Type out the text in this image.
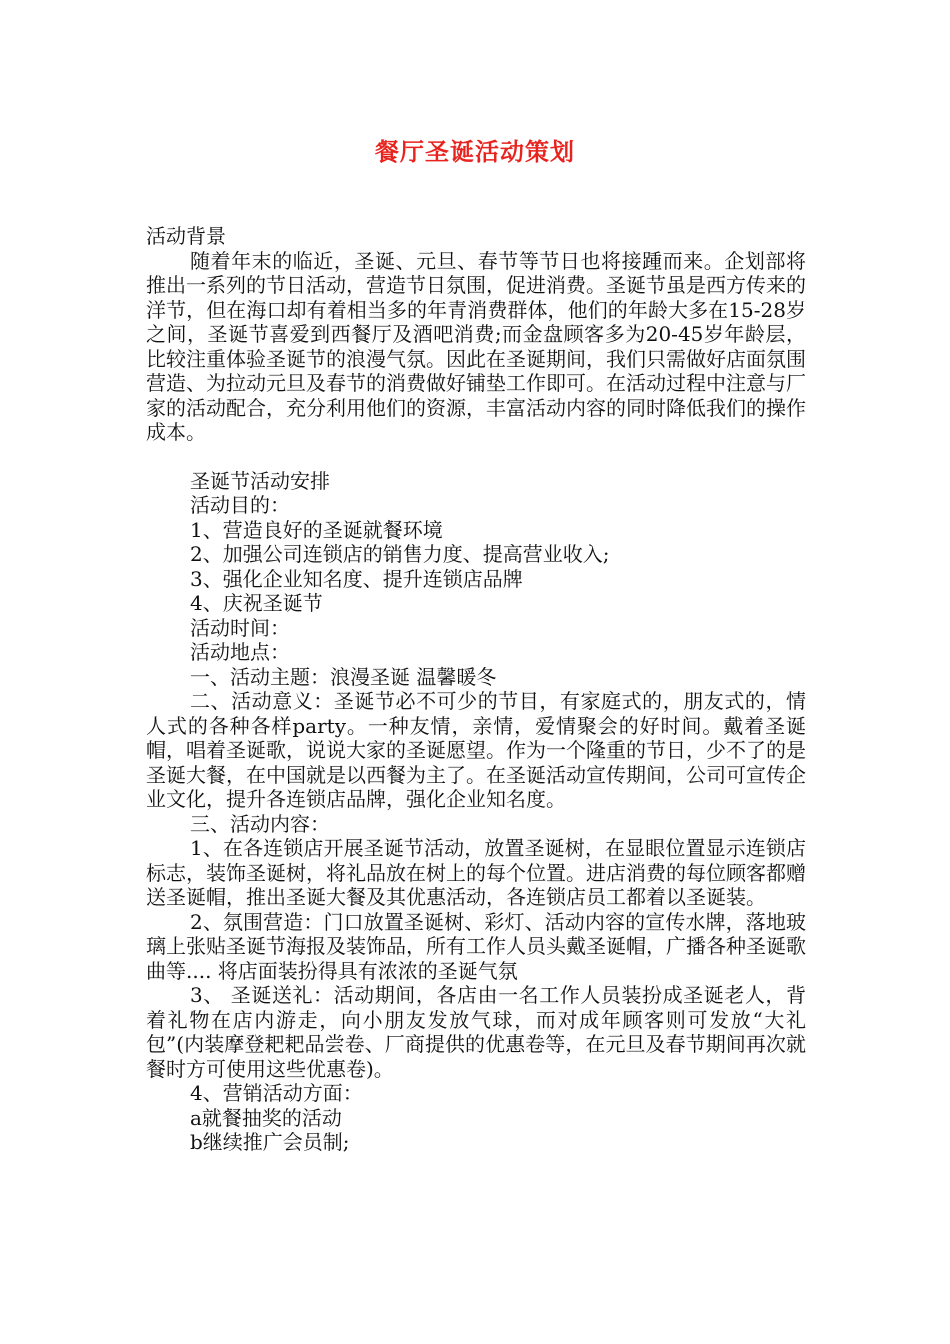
餐厅圣诞活动策划

活动背景

随着年末的临近，圣诞、元旦、春节等节日也将接踵而来。企划部将推出一系列的节日活动，营造节日氛围，促进消费。圣诞节虽是西方传来的洋节，但在海口却有着相当多的年青消费群体，他们的年龄大多在15-28岁之间，圣诞节喜爱到西餐厅及酒吧消费;而金盘顾客多为20-45岁年龄层，比较注重体验圣诞节的浪漫气氛。因此在圣诞期间，我们只需做好店面氛围营造、为拉动元旦及春节的消费做好铺垫工作即可。在活动过程中注意与厂家的活动配合，充分利用他们的资源，丰富活动内容的同时降低我们的操作成本。

圣诞节活动安排

活动目的：

1、营造良好的圣诞就餐环境

2、加强公司连锁店的销售力度、提高营业收入;

3、强化企业知名度、提升连锁店品牌

4、庆祝圣诞节

活动时间：

活动地点：

一、活动主题：浪漫圣诞 温馨暖冬

二、活动意义：圣诞节必不可少的节目，有家庭式的，朋友式的，情人式的各种各样party。一种友情，亲情，爱情聚会的好时间。戴着圣诞帽，唱着圣诞歌，说说大家的圣诞愿望。作为一个隆重的节日，少不了的是圣诞大餐，在中国就是以西餐为主了。在圣诞活动宣传期间，公司可宣传企业文化，提升各连锁店品牌，强化企业知名度。

三、活动内容：

1、在各连锁店开展圣诞节活动，放置圣诞树，在显眼位置显示连锁店标志，装饰圣诞树，将礼品放在树上的每个位置。进店消费的每位顾客都赠送圣诞帽，推出圣诞大餐及其优惠活动，各连锁店员工都着以圣诞装。

2、氛围营造：门口放置圣诞树、彩灯、活动内容的宣传水牌，落地玻璃上张贴圣诞节海报及装饰品，所有工作人员头戴圣诞帽，广播各种圣诞歌曲等.... 将店面装扮得具有浓浓的圣诞气氛

3、 圣诞送礼：活动期间，各店由一名工作人员装扮成圣诞老人，背着礼物在店内游走，向小朋友发放气球，而对成年顾客则可发放“大礼包”(内装摩登耙耙品尝卷、厂商提供的优惠卷等，在元旦及春节期间再次就餐时方可使用这些优惠卷)。

4、营销活动方面：

a就餐抽奖的活动

b继续推广会员制;
